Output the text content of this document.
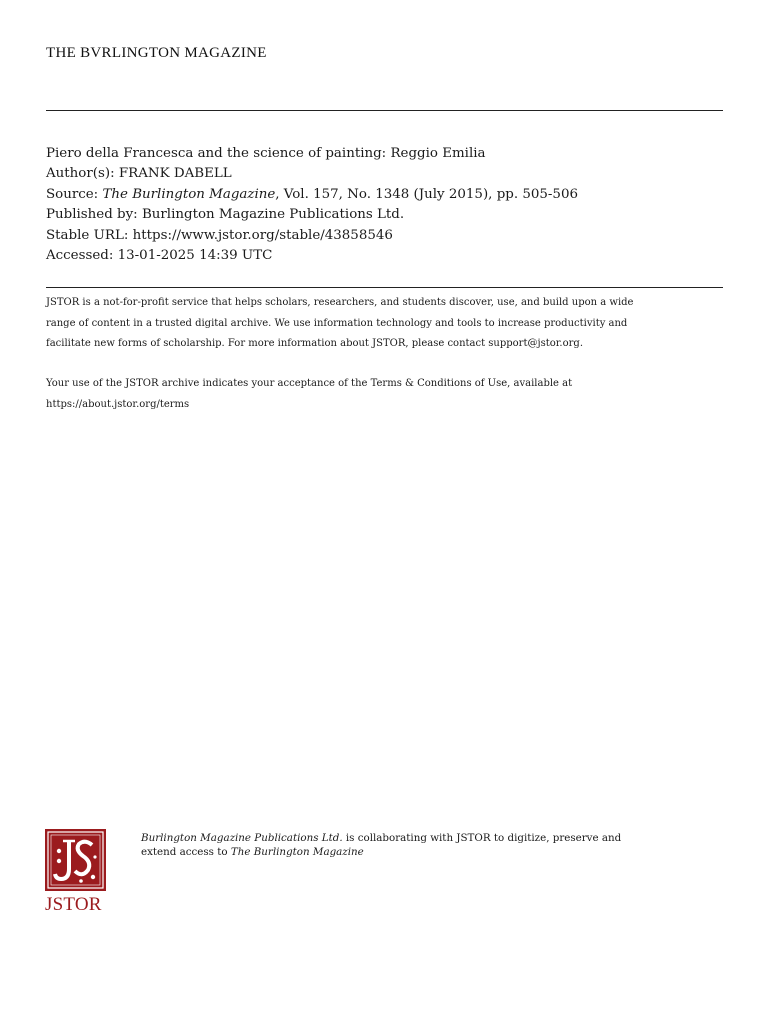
THE BVRLINGTON MAGAZINE
Piero della Francesca and the science of painting: Reggio Emilia
Author(s): FRANK DABELL
Source: The Burlington Magazine, Vol. 157, No. 1348 (July 2015), pp. 505-506
Published by: Burlington Magazine Publications Ltd.
Stable URL: https://www.jstor.org/stable/43858546
Accessed: 13-01-2025 14:39 UTC
JSTOR is a not-for-profit service that helps scholars, researchers, and students discover, use, and build upon a wide
range of content in a trusted digital archive. We use information technology and tools to increase productivity and
facilitate new forms of scholarship. For more information about JSTOR, please contact support@jstor.org.
Your use of the JSTOR archive indicates your acceptance of the Terms & Conditions of Use, available at
https://about.jstor.org/terms
JSTOR
Burlington Magazine Publications Ltd. is collaborating with JSTOR to digitize, preserve and
extend access to The Burlington Magazine
